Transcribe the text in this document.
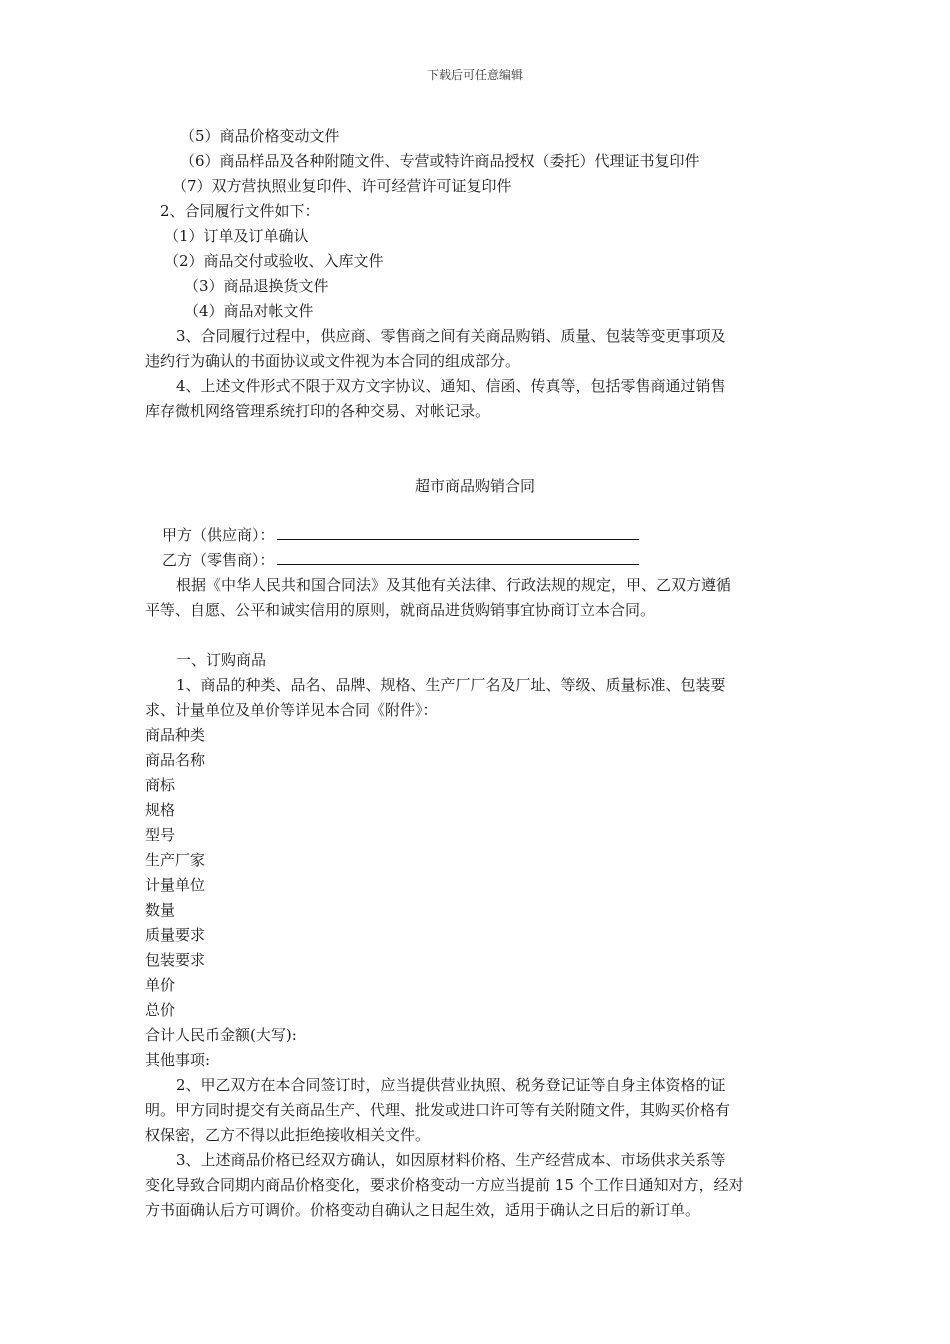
下载后可任意编辑
（5）商品价格变动文件
（6）商品样品及各种附随文件、专营或特许商品授权（委托）代理证书复印件
（7）双方营执照业复印件、许可经营许可证复印件
2、合同履行文件如下：
（1）订单及订单确认
（2）商品交付或验收、入库文件
（3）商品退换货文件
（4）商品对帐文件
3、合同履行过程中，供应商、零售商之间有关商品购销、质量、包装等变更事项及
违约行为确认的书面协议或文件视为本合同的组成部分。
4、上述文件形式不限于双方文字协议、通知、信函、传真等，包括零售商通过销售
库存微机网络管理系统打印的各种交易、对帐记录。
超市商品购销合同
甲方（供应商）：
乙方（零售商）：
根据《中华人民共和国合同法》及其他有关法律、行政法规的规定，甲、乙双方遵循
平等、自愿、公平和诚实信用的原则，就商品进货购销事宜协商订立本合同。
一、订购商品
1、商品的种类、品名、品牌、规格、生产厂厂名及厂址、等级、质量标准、包装要
求、计量单位及单价等详见本合同《附件》：
商品种类
商品名称
商标
规格
型号
生产厂家
计量单位
数量
质量要求
包装要求
单价
总价
合计人民币金额(大写):
其他事项:
2、甲乙双方在本合同签订时，应当提供营业执照、税务登记证等自身主体资格的证
明。甲方同时提交有关商品生产、代理、批发或进口许可等有关附随文件，其购买价格有
权保密，乙方不得以此拒绝接收相关文件。
3、上述商品价格已经双方确认，如因原材料价格、生产经营成本、市场供求关系等
变化导致合同期内商品价格变化，要求价格变动一方应当提前 15 个工作日通知对方，经对
方书面确认后方可调价。价格变动自确认之日起生效，适用于确认之日后的新订单。
